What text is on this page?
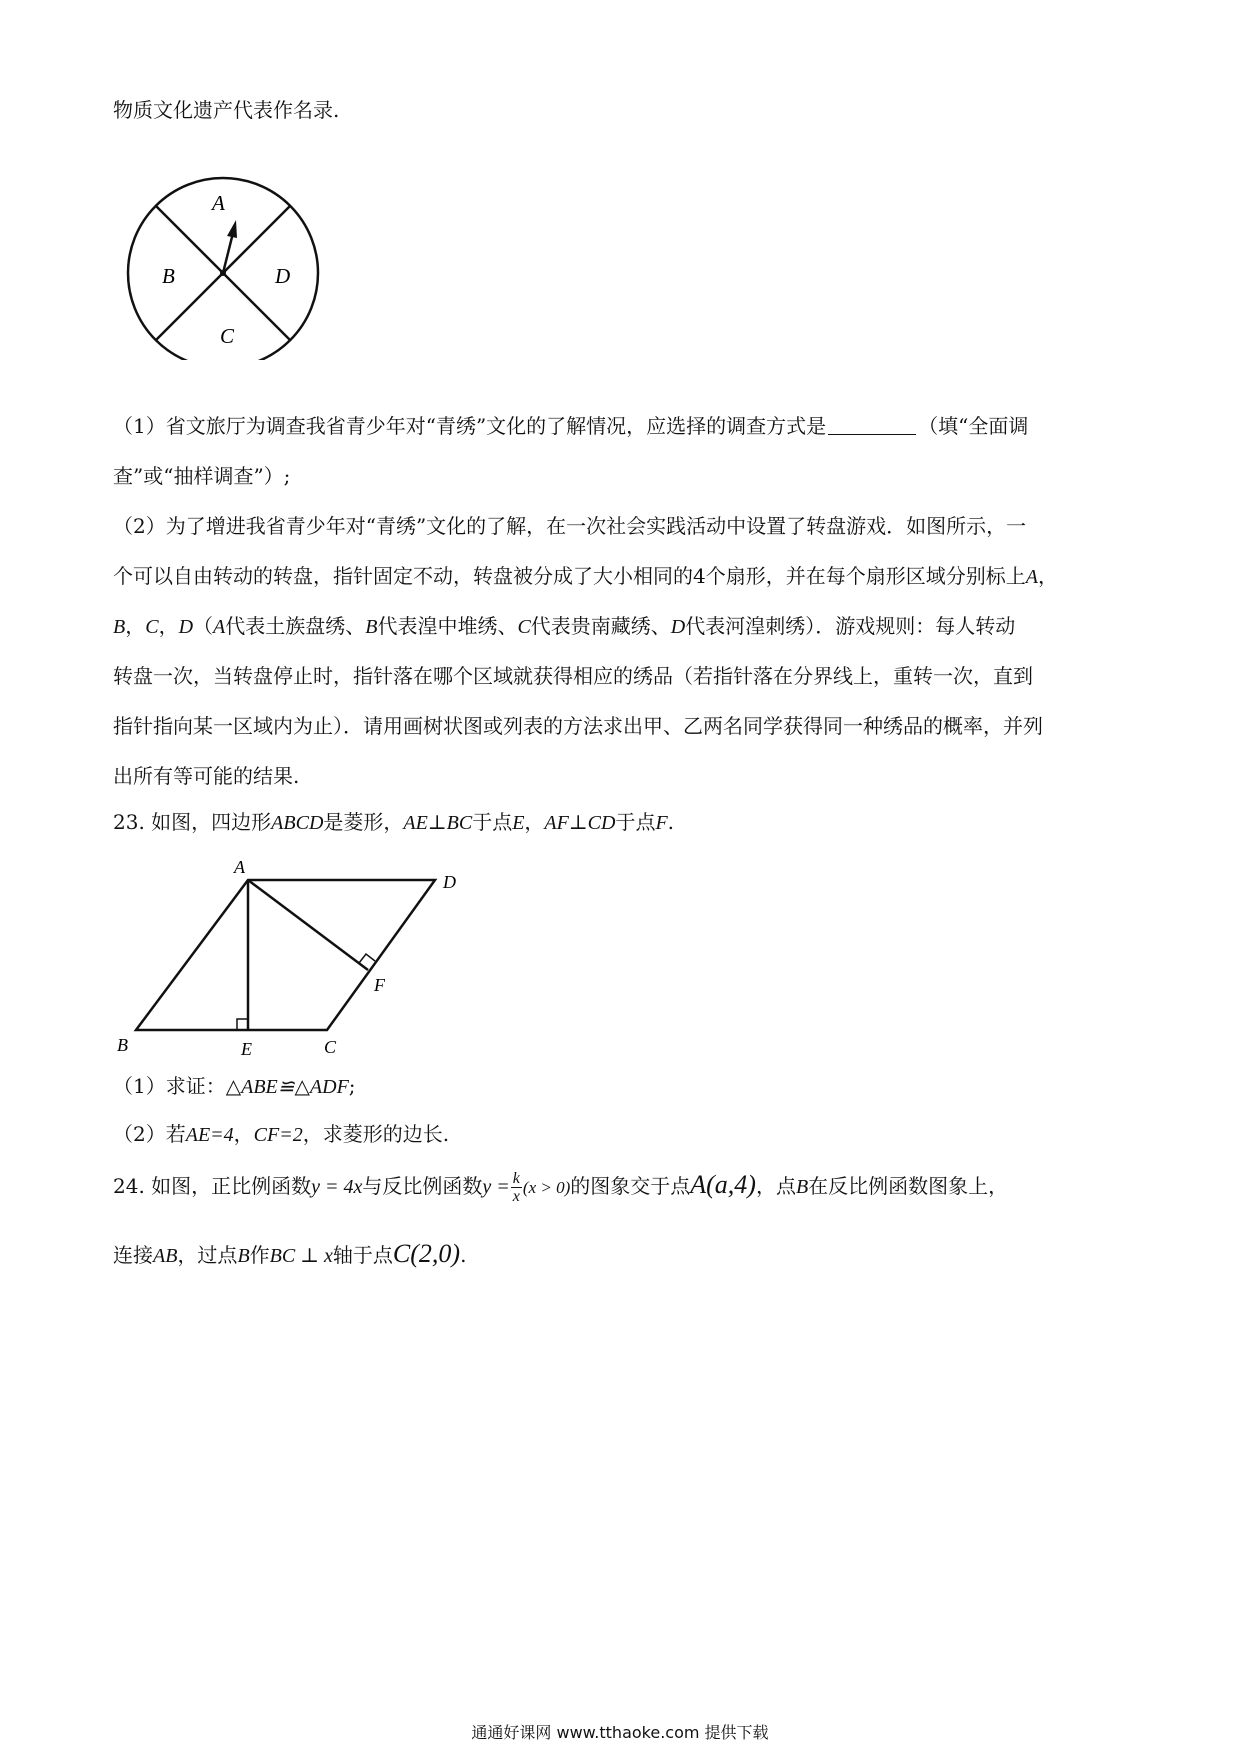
物质文化遗产代表作名录.
A
B
C
D
（1）省文旅厅为调查我省青少年对“青绣”文化的了解情况，应选择的调查方式是	（填“全面调
查”或“抽样调查”）;
（2）为了增进我省青少年对“青绣”文化的了解，在一次社会实践活动中设置了转盘游戏．如图所示，一
个可以自由转动的转盘，指针固定不动，转盘被分成了大小相同的4个扇形，并在每个扇形区域分别标上A，
B，C，D（A代表土族盘绣、B代表湟中堆绣、C代表贵南藏绣、D代表河湟刺绣）．游戏规则：每人转动
转盘一次，当转盘停止时，指针落在哪个区域就获得相应的绣品（若指针落在分界线上，重转一次，直到
指针指向某一区域内为止）．请用画树状图或列表的方法求出甲、乙两名同学获得同一种绣品的概率，并列
出所有等可能的结果.
23. 如图，四边形ABCD是菱形，AE⊥BC于点E，AF⊥CD于点F.
A
D
F
B	E	C
（1）求证：△ABE≌△ADF;
（2）若AE=4，CF=2，求菱形的边长.
24. 如图，正比例函数y = 4x与反比例函数$y = \frac{k}{x} (x > 0)$的图象交于点A(a,4)，点B在反比例函数图象上，
连接AB，过点B作BC ⊥ x轴于点C(2,0).
通通好课网 www.tthaoke.com 提供下载
